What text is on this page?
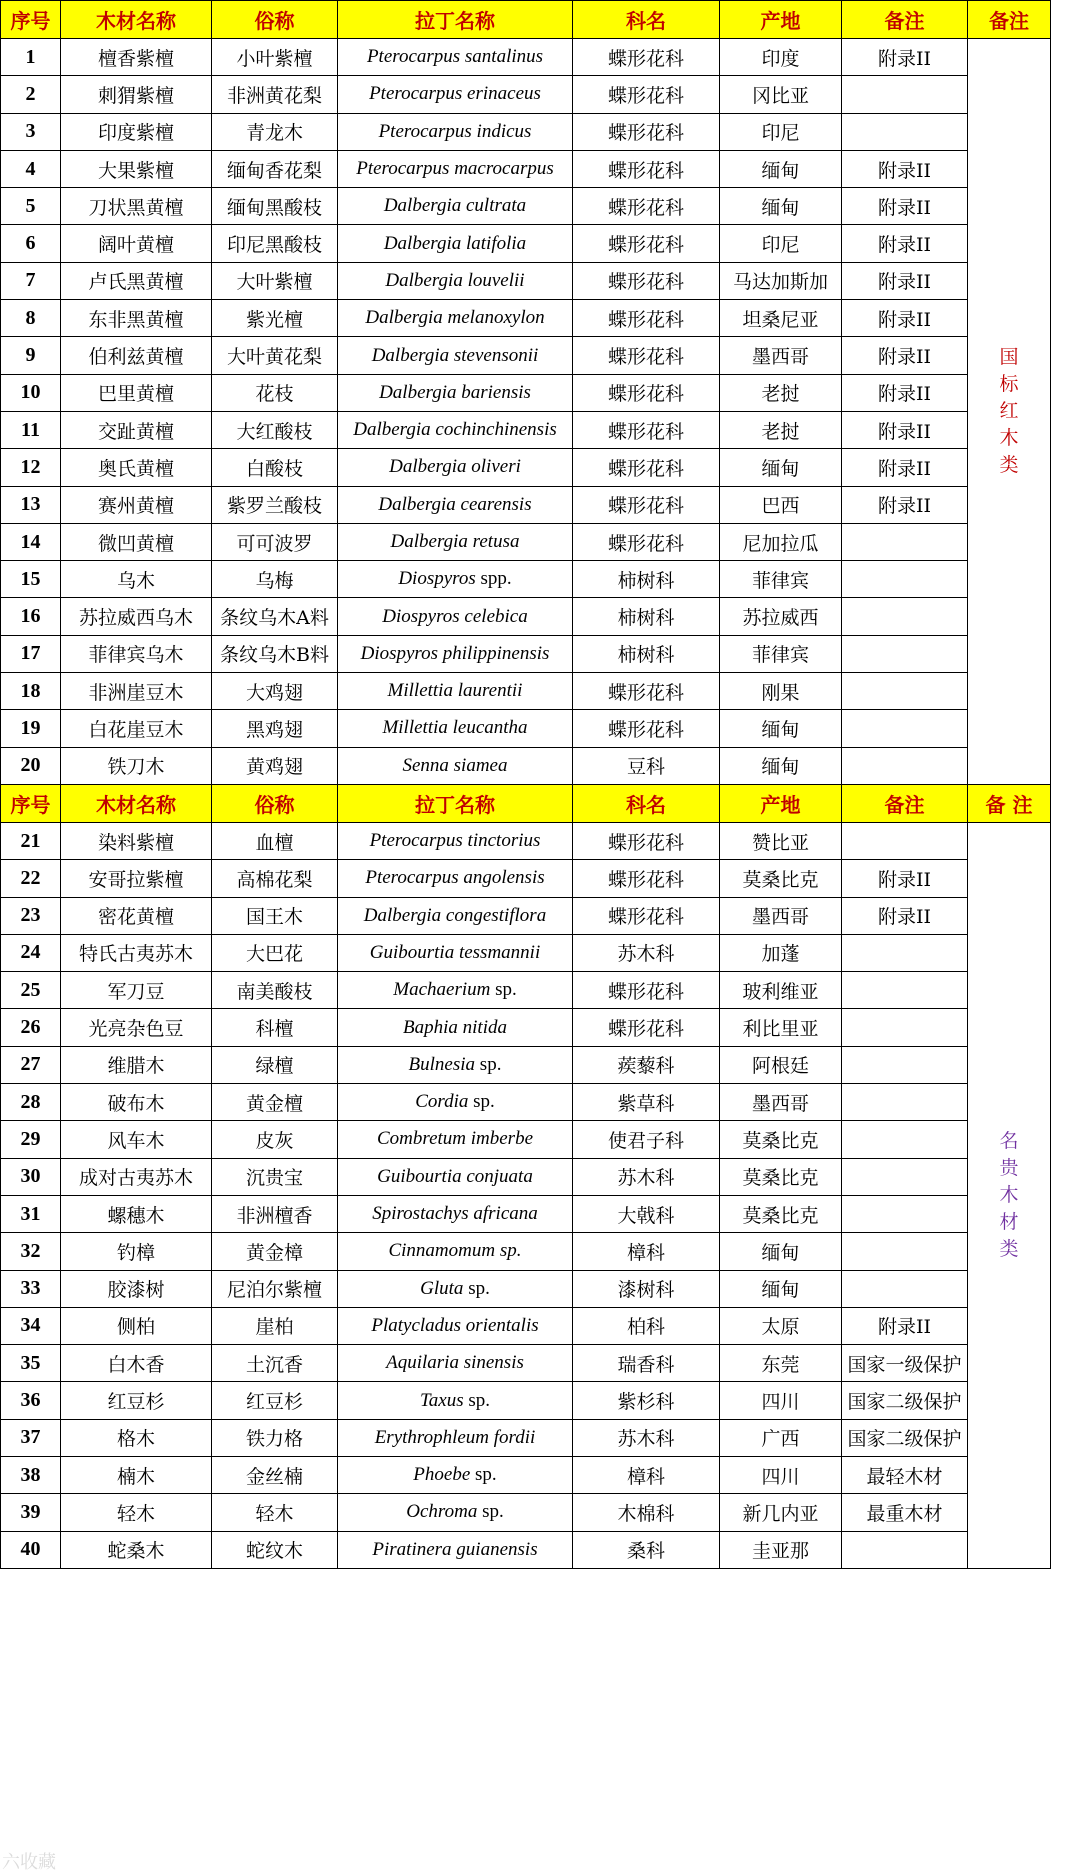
序号	木材名称	俗称	拉丁名称	科名	产地	备注	备注	
1	檀香紫檀	小叶紫檀	Pterocarpus santalinus	蝶形花科	印度	附录II	国标红木类	
2	刺猬紫檀	非洲黄花梨	Pterocarpus erinaceus	蝶形花科	冈比亚			
3	印度紫檀	青龙木	Pterocarpus indicus	蝶形花科	印尼			
4	大果紫檀	缅甸香花梨	Pterocarpus macrocarpus	蝶形花科	缅甸	附录II		
5	刀状黑黄檀	缅甸黑酸枝	Dalbergia cultrata	蝶形花科	缅甸	附录II		
6	阔叶黄檀	印尼黑酸枝	Dalbergia latifolia	蝶形花科	印尼	附录II		
7	卢氏黑黄檀	大叶紫檀	Dalbergia louvelii	蝶形花科	马达加斯加	附录II		
8	东非黑黄檀	紫光檀	Dalbergia melanoxylon	蝶形花科	坦桑尼亚	附录II		
9	伯利兹黄檀	大叶黄花梨	Dalbergia stevensonii	蝶形花科	墨西哥	附录II		
10	巴里黄檀	花枝	Dalbergia bariensis	蝶形花科	老挝	附录II		
11	交趾黄檀	大红酸枝	Dalbergia cochinchinensis	蝶形花科	老挝	附录II		
12	奥氏黄檀	白酸枝	Dalbergia oliveri	蝶形花科	缅甸	附录II		
13	赛州黄檀	紫罗兰酸枝	Dalbergia cearensis	蝶形花科	巴西	附录II		
14	微凹黄檀	可可波罗	Dalbergia retusa	蝶形花科	尼加拉瓜			
15	乌木	乌梅	Diospyros spp.	柿树科	菲律宾			
16	苏拉威西乌木	条纹乌木A料	Diospyros celebica	柿树科	苏拉威西			
17	菲律宾乌木	条纹乌木B料	Diospyros philippinensis	柿树科	菲律宾			
18	非洲崖豆木	大鸡翅	Millettia laurentii	蝶形花科	刚果			
19	白花崖豆木	黑鸡翅	Millettia leucantha	蝶形花科	缅甸			
20	铁刀木	黄鸡翅	Senna siamea	豆科	缅甸			
序号	木材名称	俗称	拉丁名称	科名	产地	备注	备 注	
21	染料紫檀	血檀	Pterocarpus tinctorius	蝶形花科	赞比亚		名贵木材类	
22	安哥拉紫檀	高棉花梨	Pterocarpus angolensis	蝶形花科	莫桑比克	附录II		
23	密花黄檀	国王木	Dalbergia congestiflora	蝶形花科	墨西哥	附录II		
24	特氏古夷苏木	大巴花	Guibourtia tessmannii	苏木科	加蓬			
25	军刀豆	南美酸枝	Machaerium sp.	蝶形花科	玻利维亚			
26	光亮杂色豆	科檀	Baphia nitida	蝶形花科	利比里亚			
27	维腊木	绿檀	Bulnesia sp.	蒺藜科	阿根廷			
28	破布木	黄金檀	Cordia sp.	紫草科	墨西哥			
29	风车木	皮灰	Combretum imberbe	使君子科	莫桑比克			
30	成对古夷苏木	沉贵宝	Guibourtia conjuata	苏木科	莫桑比克			
31	螺穗木	非洲檀香	Spirostachys africana	大戟科	莫桑比克			
32	钓樟	黄金樟	Cinnamomum sp.	樟科	缅甸			
33	胶漆树	尼泊尔紫檀	Gluta sp.	漆树科	缅甸			
34	侧柏	崖柏	Platycladus orientalis	柏科	太原	附录II		
35	白木香	土沉香	Aquilaria sinensis	瑞香科	东莞	国家一级保护		
36	红豆杉	红豆杉	Taxus sp.	紫杉科	四川	国家二级保护		
37	格木	铁力格	Erythrophleum fordii	苏木科	广西	国家二级保护		
38	楠木	金丝楠	Phoebe sp.	樟科	四川	最轻木材		
39	轻木	轻木	Ochroma sp.	木棉科	新几内亚	最重木材		
40	蛇桑木	蛇纹木	Piratinera guianensis	桑科	圭亚那			
六收藏
